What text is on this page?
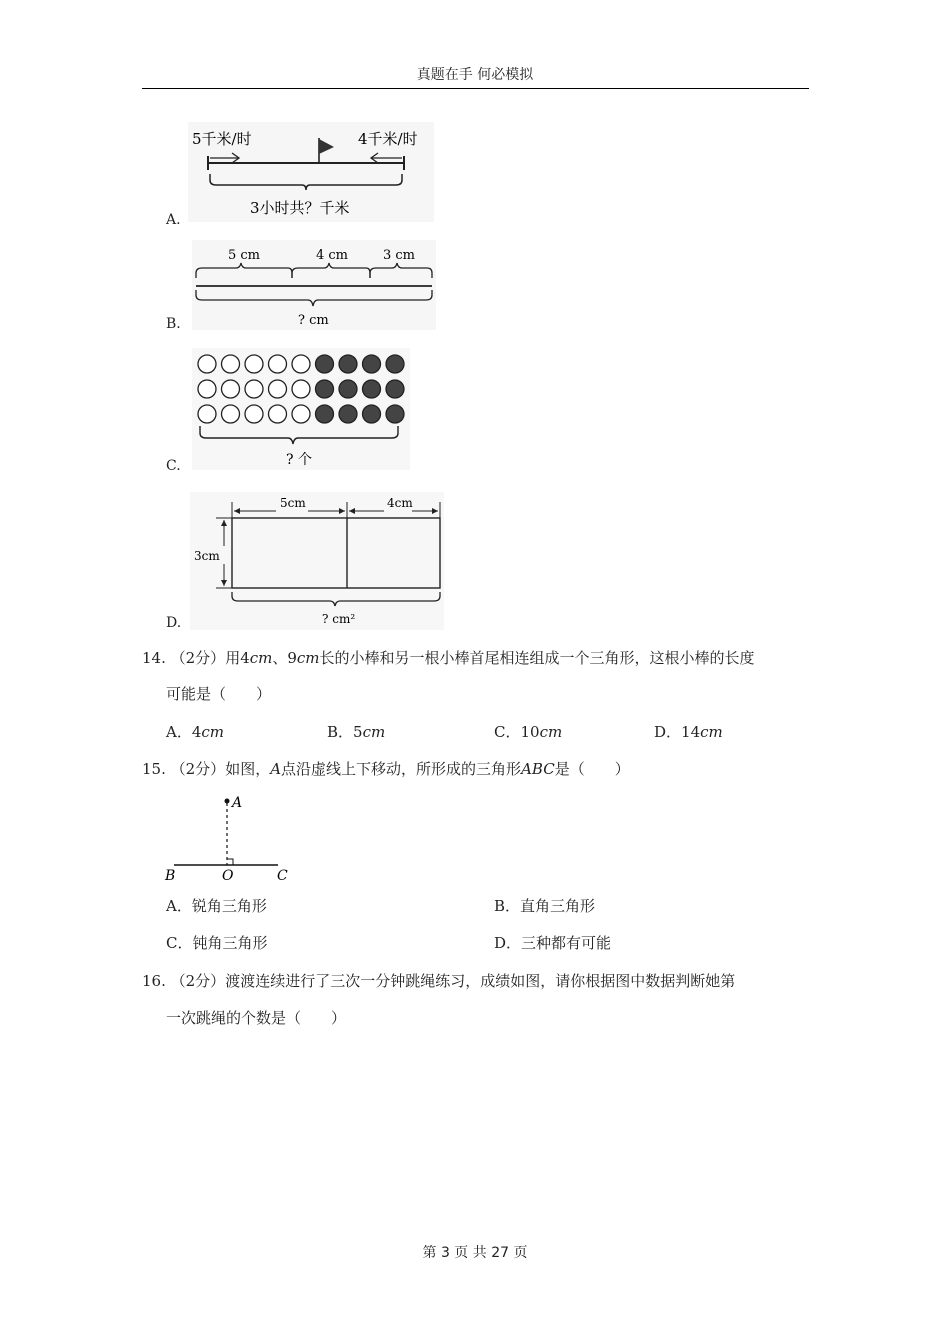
真题在手 何必模拟
A.
5千米/时	4千米/时
3小时共？千米
B.
5 cm	4 cm	3 cm
? cm
C.	? 个
D.
5cm	4cm
3cm
? cm²
14. （2分）用4cm、9cm长的小棒和另一根小棒首尾相连组成一个三角形，这根小棒的长度
可能是（　　）
A．4cm	B．5cm	C．10cm	D．14cm
15. （2分）如图，A点沿虚线上下移动，所形成的三角形ABC是（　　）
A
B	O	C
A．锐角三角形	B．直角三角形
C．钝角三角形	D．三种都有可能
16. （2分）渡渡连续进行了三次一分钟跳绳练习，成绩如图，请你根据图中数据判断她第
一次跳绳的个数是（　　）
第 3 页 共 27 页
